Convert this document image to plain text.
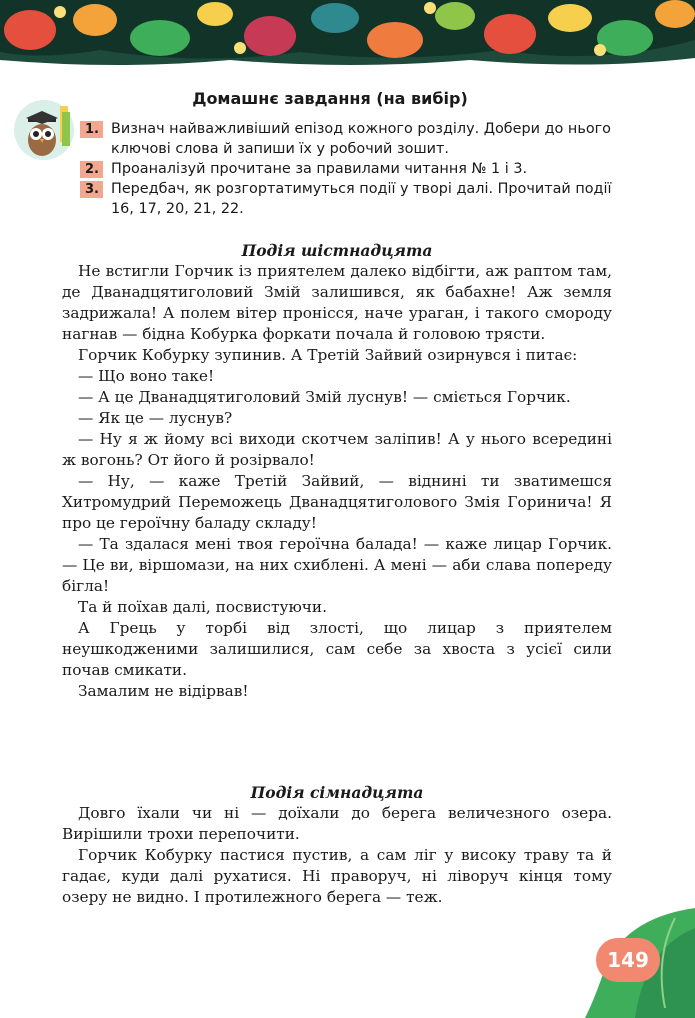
Домашнє завдання (на вибір)
1. Визнач найважливіший епізод кожного розділу. Добери до нього ключові слова й запиши їх у робочий зошит.
2. Проаналізуй прочитане за правилами читання № 1 і 3.
3. Передбач, як розгортатимуться події у творі далі. Прочитай події 16, 17, 20, 21, 22.
Подія шістнадцята

Не встигли Горчик із приятелем далеко відбігти, аж раптом там, де Дванадцятиголовий Змій залишився, як бабахне! Аж земля задрижала! А полем вітер пронісся, наче ураган, і такого смороду нагнав — бідна Кобурка форкати почала й головою трясти.

Горчик Кобурку зупинив. А Третій Зайвий озирнувся і питає:

— Що воно таке!

— А це Дванадцятиголовий Змій луснув! — сміється Горчик.

— Як це — луснув?

— Ну я ж йому всі виходи скотчем заліпив! А у нього всередині ж вогонь? От його й розірвало!

— Ну, — каже Третій Зайвий, — віднині ти зватимешся Хитромудрий Переможець Дванадцятиголового Змія Горинича! Я про це героїчну баладу складу!

— Та здалася мені твоя героїчна балада! — каже лицар Горчик. — Це ви, віршомази, на них схиблені. А мені — аби слава попереду бігла!

Та й поїхав далі, посвистуючи.

А Грець у торбі від злості, що лицар з приятелем неушкодженими залишилися, сам себе за хвоста з усієї сили почав смикати.

Замалим не відірвав!

Подія сімнадцята

Довго їхали чи ні — доїхали до берега величезного озера. Вирішили трохи перепочити.

Горчик Кобурку пастися пустив, а сам ліг у високу траву та й гадає, куди далі рухатися. Ні праворуч, ні ліворуч кінця тому озеру не видно. І протилежного берега — теж.

149
